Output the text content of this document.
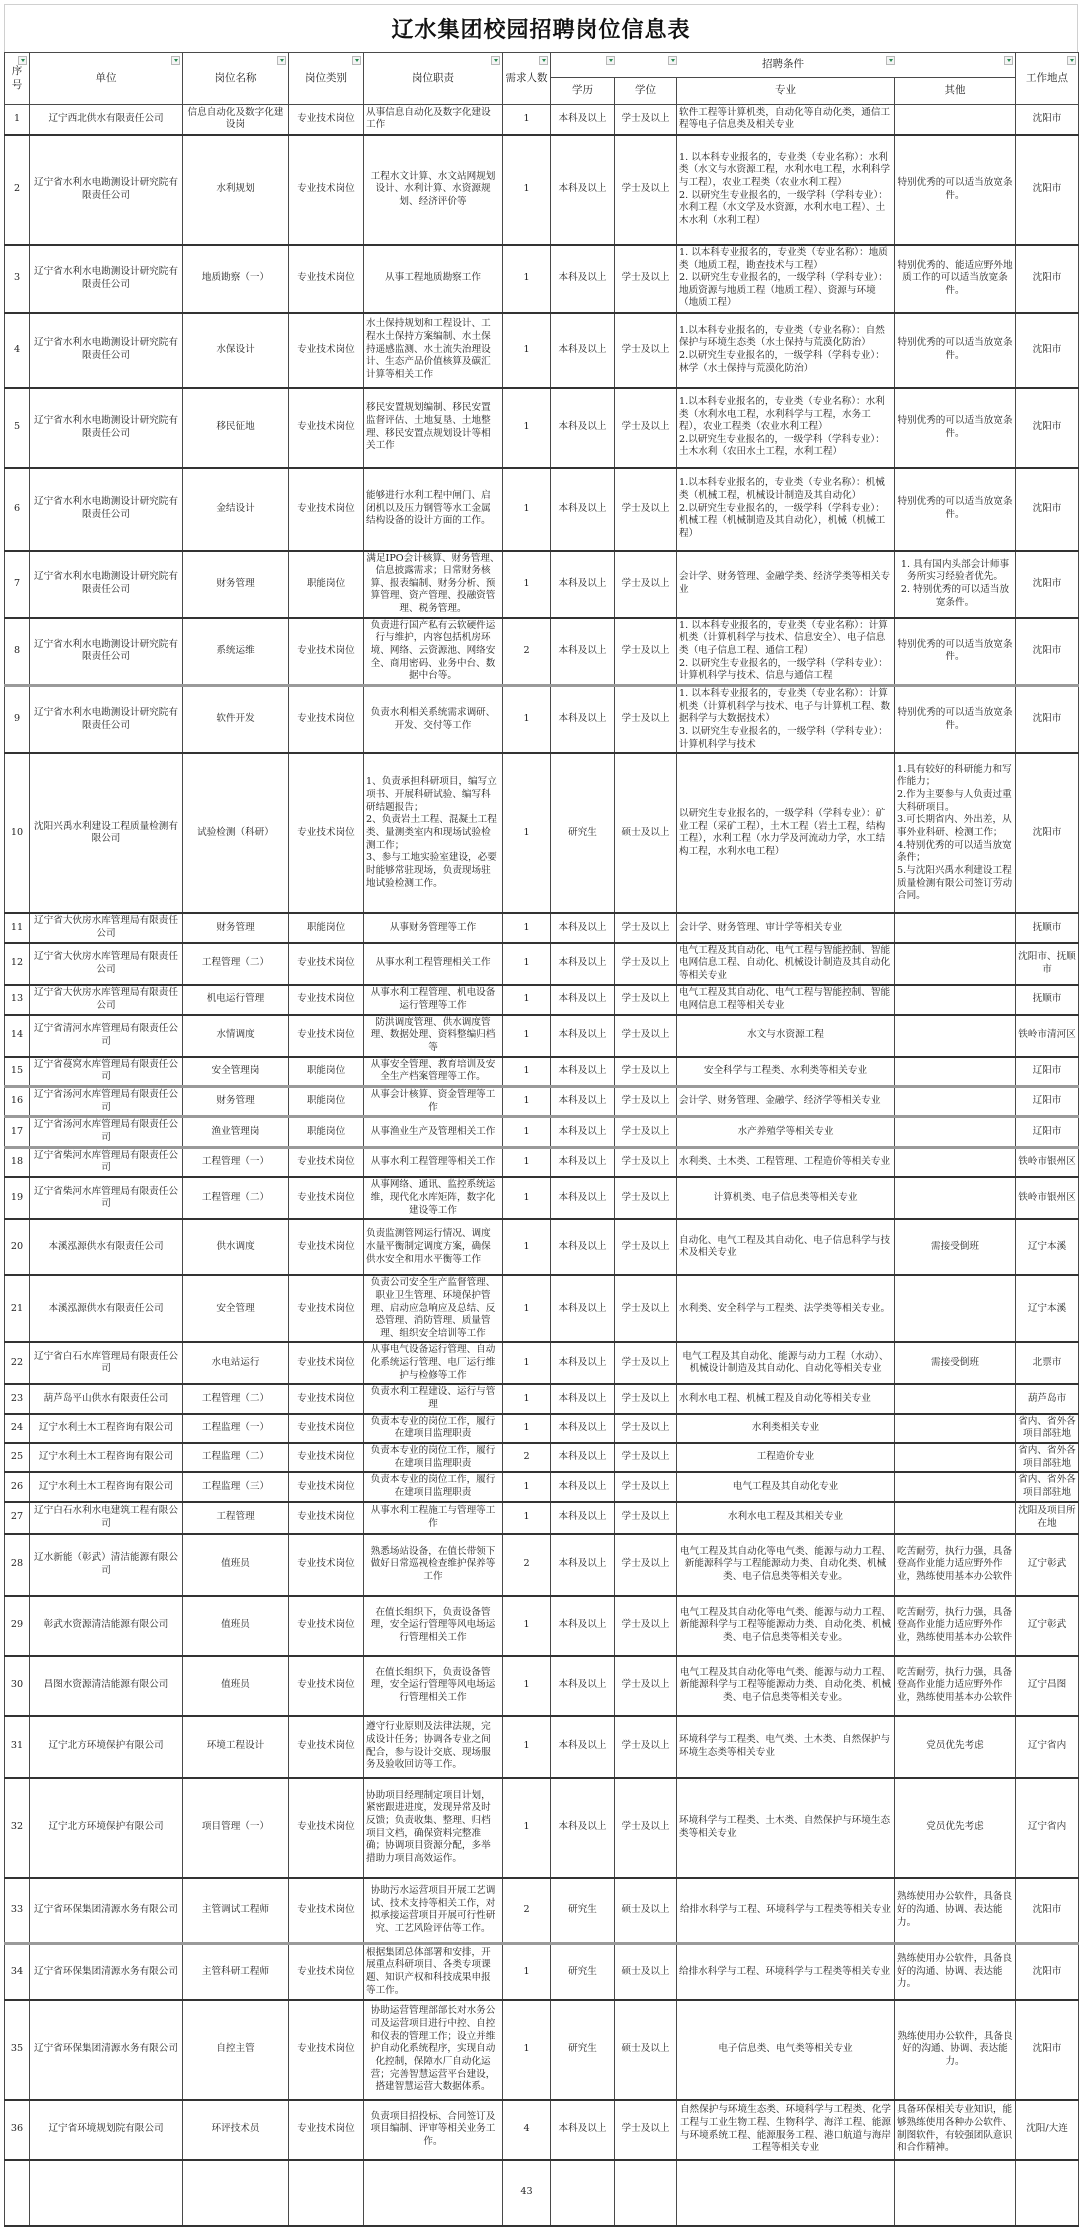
辽水集团校园招聘岗位信息表
序号	单位	岗位名称	岗位类别	岗位职责	需求人数	招聘条件				工作地点

						学历	学位	专业	其他	
1	辽宁西北供水有限责任公司	信息自动化及数字化建设岗	专业技术岗位	从事信息自动化及数字化建设工作	1	本科及以上	学士及以上	软件工程等计算机类，自动化等自动化类，通信工程等电子信息类及相关专业		沈阳市
2	辽宁省水利水电勘测设计研究院有限责任公司	水利规划	专业技术岗位	工程水文计算、水文站网规划设计、水利计算、水资源规划、经济评价等	1	本科及以上	学士及以上	1. 以本科专业报名的，专业类（专业名称）：水利类（水文与水资源工程，水利水电工程，水利科学与工程），农业工程类（农业水利工程）
2. 以研究生专业报名的，一级学科（学科专业）：水利工程（水文学及水资源，水利水电工程）、土木水利（水利工程）	特别优秀的可以适当放宽条件。	沈阳市
3	辽宁省水利水电勘测设计研究院有限责任公司	地质勘察（一）	专业技术岗位	从事工程地质勘察工作	1	本科及以上	学士及以上	1. 以本科专业报名的，专业类（专业名称）：地质类（地质工程，勘查技术与工程）
2. 以研究生专业报名的，一级学科（学科专业）：地质资源与地质工程（地质工程）、资源与环境（地质工程）	特别优秀的、能适应野外地质工作的可以适当放宽条件。	沈阳市
4	辽宁省水利水电勘测设计研究院有限责任公司	水保设计	专业技术岗位	水土保持规划和工程设计、工程水土保持方案编制、水土保持遥感监测、水土流失治理设计、生态产品价值核算及碳汇计算等相关工作	1	本科及以上	学士及以上	1.以本科专业报名的，专业类（专业名称）：自然保护与环境生态类（水土保持与荒漠化防治）
2.以研究生专业报名的，一级学科（学科专业）：林学（水土保持与荒漠化防治）	特别优秀的可以适当放宽条件。	沈阳市
5	辽宁省水利水电勘测设计研究院有限责任公司	移民征地	专业技术岗位	移民安置规划编制、移民安置监督评估、土地复垦、土地整理、移民安置点规划设计等相关工作	1	本科及以上	学士及以上	1.以本科专业报名的，专业类（专业名称）：水利类（水利水电工程，水利科学与工程，水务工程），农业工程类（农业水利工程）
2.以研究生专业报名的，一级学科（学科专业）：土木水利（农田水土工程，水利工程）	特别优秀的可以适当放宽条件。	沈阳市
6	辽宁省水利水电勘测设计研究院有限责任公司	金结设计	专业技术岗位	能够进行水利工程中闸门、启闭机以及压力钢管等水工金属结构设备的设计方面的工作。	1	本科及以上	学士及以上	1.以本科专业报名的，专业类（专业名称）：机械类（机械工程，机械设计制造及其自动化）
2.以研究生专业报名的，一级学科（学科专业）：机械工程（机械制造及其自动化），机械（机械工程）	特别优秀的可以适当放宽条件。	沈阳市
7	辽宁省水利水电勘测设计研究院有限责任公司	财务管理	职能岗位	满足IPO会计核算、财务管理、信息披露需求；日常财务核算、报表编制、财务分析、预算管理、资产管理、投融资管理、税务管理。	1	本科及以上	学士及以上	会计学、财务管理、金融学类、经济学类等相关专业	1. 具有国内头部会计师事务所实习经验者优先。
2. 特别优秀的可以适当放宽条件。	沈阳市
8	辽宁省水利水电勘测设计研究院有限责任公司	系统运维	专业技术岗位	负责进行国产私有云软硬件运行与维护，内容包括机房环境、网络、云资源池、网络安全、商用密码、业务中台、数据中台等。	2	本科及以上	学士及以上	1. 以本科专业报名的，专业类（专业名称）：计算机类（计算机科学与技术、信息安全）、电子信息类（电子信息工程、通信工程）
2. 以研究生专业报名的，一级学科（学科专业）：计算机科学与技术、信息与通信工程	特别优秀的可以适当放宽条件。	沈阳市
9	辽宁省水利水电勘测设计研究院有限责任公司	软件开发	专业技术岗位	负责水利相关系统需求调研、开发、交付等工作	1	本科及以上	学士及以上	1. 以本科专业报名的，专业类（专业名称）：计算机类（计算机科学与技术、电子与计算机工程、数据科学与大数据技术）
3. 以研究生专业报名的，一级学科（学科专业）：计算机科学与技术	特别优秀的可以适当放宽条件。	沈阳市
10	沈阳兴禹水利建设工程质量检测有限公司	试验检测（科研）	专业技术岗位	1、负责承担科研项目，编写立项书、开展科研试验、编写科研结题报告；
2、负责岩土工程、混凝土工程类、量测类室内和现场试验检测工作；
3、参与工地实验室建设，必要时能够常驻现场，负责现场驻地试验检测工作。	1	研究生	硕士及以上	以研究生专业报名的，一级学科（学科专业）：矿业工程（采矿工程），土木工程（岩土工程，结构工程），水利工程（水力学及河流动力学，水工结构工程，水利水电工程）	1.具有较好的科研能力和写作能力；
2.作为主要参与人负责过重大科研项目。
3.可长期省内、外出差，从事外业科研、检测工作；
4.特别优秀的可以适当放宽条件；
5.与沈阳兴禹水利建设工程质量检测有限公司签订劳动合同。	沈阳市
11	辽宁省大伙房水库管理局有限责任公司	财务管理	职能岗位	从事财务管理等工作	1	本科及以上	学士及以上	会计学、财务管理、审计学等相关专业		抚顺市
12	辽宁省大伙房水库管理局有限责任公司	工程管理（二）	专业技术岗位	从事水利工程管理相关工作	1	本科及以上	学士及以上	电气工程及其自动化、电气工程与智能控制、智能电网信息工程、自动化、机械设计制造及其自动化等相关专业		沈阳市、抚顺市
13	辽宁省大伙房水库管理局有限责任公司	机电运行管理	专业技术岗位	从事水利工程管理、机电设备运行管理等工作	1	本科及以上	学士及以上	电气工程及其自动化、电气工程与智能控制、智能电网信息工程等相关专业		抚顺市
14	辽宁省清河水库管理局有限责任公司	水情调度	专业技术岗位	防洪调度管理、供水调度管理、数据处理、资料整编归档等	1	本科及以上	学士及以上	水文与水资源工程		铁岭市清河区
15	辽宁省葠窝水库管理局有限责任公司	安全管理岗	职能岗位	从事安全管理、教育培训及安全生产档案管理等工作。	1	本科及以上	学士及以上	安全科学与工程类、水利类等相关专业		辽阳市
16	辽宁省汤河水库管理局有限责任公司	财务管理	职能岗位	从事会计核算、资金管理等工作	1	本科及以上	学士及以上	会计学、财务管理、金融学、经济学等相关专业		辽阳市
17	辽宁省汤河水库管理局有限责任公司	渔业管理岗	职能岗位	从事渔业生产及管理相关工作	1	本科及以上	学士及以上	水产养殖学等相关专业		辽阳市
18	辽宁省柴河水库管理局有限责任公司	工程管理（一）	专业技术岗位	从事水利工程管理等相关工作	1	本科及以上	学士及以上	水利类、土木类、工程管理、工程造价等相关专业		铁岭市银州区
19	辽宁省柴河水库管理局有限责任公司	工程管理（二）	专业技术岗位	从事网络、通讯、监控系统运维，现代化水库矩阵，数字化建设等工作	1	本科及以上	学士及以上	计算机类、电子信息类等相关专业		铁岭市银州区
20	本溪泓源供水有限责任公司	供水调度	专业技术岗位	负责监测管网运行情况、调度水量平衡制定调度方案，确保供水安全和用水平衡等工作	1	本科及以上	学士及以上	自动化、电气工程及其自动化、电子信息科学与技术及相关专业	需接受倒班	辽宁本溪
21	本溪泓源供水有限责任公司	安全管理	专业技术岗位	负责公司安全生产监督管理、职业卫生管理、环境保护管理、启动应急响应及总结、反恐管理、消防管理、质量管理、组织安全培训等工作	1	本科及以上	学士及以上	水利类、安全科学与工程类、法学类等相关专业。		辽宁本溪
22	辽宁省白石水库管理局有限责任公司	水电站运行	专业技术岗位	从事电气设备运行管理、自动化系统运行管理、电厂运行维护与检修等工作	1	本科及以上	学士及以上	电气工程及其自动化、能源与动力工程（水动）、机械设计制造及其自动化、自动化等相关专业	需接受倒班	北票市
23	葫芦岛平山供水有限责任公司	工程管理（二）	专业技术岗位	负责水利工程建设、运行与管理	1	本科及以上	学士及以上	水利水电工程、机械工程及自动化等相关专业		葫芦岛市
24	辽宁水利土木工程咨询有限公司	工程监理（一）	专业技术岗位	负责本专业的岗位工作，履行在建项目监理职责	1	本科及以上	学士及以上	水利类相关专业		省内、省外各项目部驻地
25	辽宁水利土木工程咨询有限公司	工程监理（二）	专业技术岗位	负责本专业的岗位工作，履行在建项目监理职责	2	本科及以上	学士及以上	工程造价专业		省内、省外各项目部驻地
26	辽宁水利土木工程咨询有限公司	工程监理（三）	专业技术岗位	负责本专业的岗位工作，履行在建项目监理职责	1	本科及以上	学士及以上	电气工程及其自动化专业		省内、省外各项目部驻地
27	辽宁白石水利水电建筑工程有限公司	工程管理	专业技术岗位	从事水利工程施工与管理等工作	1	本科及以上	学士及以上	水利水电工程及其相关专业		沈阳及项目所在地
28	辽水新能（彰武）清洁能源有限公司	值班员	专业技术岗位	熟悉场站设备，在值长带领下做好日常巡视检查维护保养等工作	2	本科及以上	学士及以上	电气工程及其自动化等电气类、能源与动力工程、新能源科学与工程能源动力类、自动化类、机械类、电子信息类等相关专业。	吃苦耐劳，执行力强，具备登高作业能力适应野外作业，熟练使用基本办公软件	辽宁彰武
29	彰武水资源清洁能源有限公司	值班员	专业技术岗位	在值长组织下，负责设备管理，安全运行管理等风电场运行管理相关工作	1	本科及以上	学士及以上	电气工程及其自动化等电气类、能源与动力工程、新能源科学与工程等能源动力类、自动化类、机械类、电子信息类等相关专业。	吃苦耐劳，执行力强，具备登高作业能力适应野外作业，熟练使用基本办公软件	辽宁彰武
30	昌图水资源清洁能源有限公司	值班员	专业技术岗位	在值长组织下，负责设备管理，安全运行管理等风电场运行管理相关工作	1	本科及以上	学士及以上	电气工程及其自动化等电气类、能源与动力工程、新能源科学与工程等能源动力类、自动化类、机械类、电子信息类等相关专业。	吃苦耐劳，执行力强，具备登高作业能力适应野外作业，熟练使用基本办公软件	辽宁昌图
31	辽宁北方环境保护有限公司	环境工程设计	专业技术岗位	遵守行业原则及法律法规，完成设计任务；协调各专业之间配合，参与设计交底、现场服务及验收回访等工作。	1	本科及以上	学士及以上	环境科学与工程类、电气类、土木类、自然保护与环境生态类等相关专业	党员优先考虑	辽宁省内
32	辽宁北方环境保护有限公司	项目管理（一）	专业技术岗位	协助项目经理制定项目计划，紧密跟进进度，发现异常及时反馈；负责收集、整理、归档项目文档，确保资料完整准确；协调项目资源分配，多举措助力项目高效运作。	1	本科及以上	学士及以上	环境科学与工程类、土木类、自然保护与环境生态类等相关专业	党员优先考虑	辽宁省内
33	辽宁省环保集团清源水务有限公司	主管调试工程师	专业技术岗位	协助污水运营项目开展工艺调试、技术支持等相关工作，对拟承接运营项目开展可行性研究、工艺风险评估等工作。	2	研究生	硕士及以上	给排水科学与工程、环境科学与工程类等相关专业	熟练使用办公软件，具备良好的沟通、协调、表达能力。	沈阳市
34	辽宁省环保集团清源水务有限公司	主管科研工程师	专业技术岗位	根据集团总体部署和安排，开展重点科研项目、各类专项课题、知识产权和科技成果申报等工作。	1	研究生	硕士及以上	给排水科学与工程、环境科学与工程类等相关专业	熟练使用办公软件，具备良好的沟通、协调、表达能力。	沈阳市
35	辽宁省环保集团清源水务有限公司	自控主管	专业技术岗位	协助运营管理部部长对水务公司及运营项目进行中控、自控和仪表的管理工作；设立并维护自动化系统程序，实现自动化控制，保障水厂自动化运营；完善智慧运营平台建设，搭建智慧运营大数据体系。	1	研究生	硕士及以上	电子信息类、电气类等相关专业	熟练使用办公软件，具备良好的沟通、协调、表达能力。	沈阳市
36	辽宁省环境规划院有限公司	环评技术员	专业技术岗位	负责项目招投标、合同签订及项目编制、评审等相关业务工作。	4	本科及以上	学士及以上	自然保护与环境生态类、环境科学与工程类、化学工程与工业生物工程、生物科学、海洋工程、能源与环境系统工程、能源服务工程、港口航道与海岸工程等相关专业	具备环保相关专业知识，能够熟练使用各种办公软件、制图软件，有较强团队意识和合作精神。	沈阳/大连
					43					
